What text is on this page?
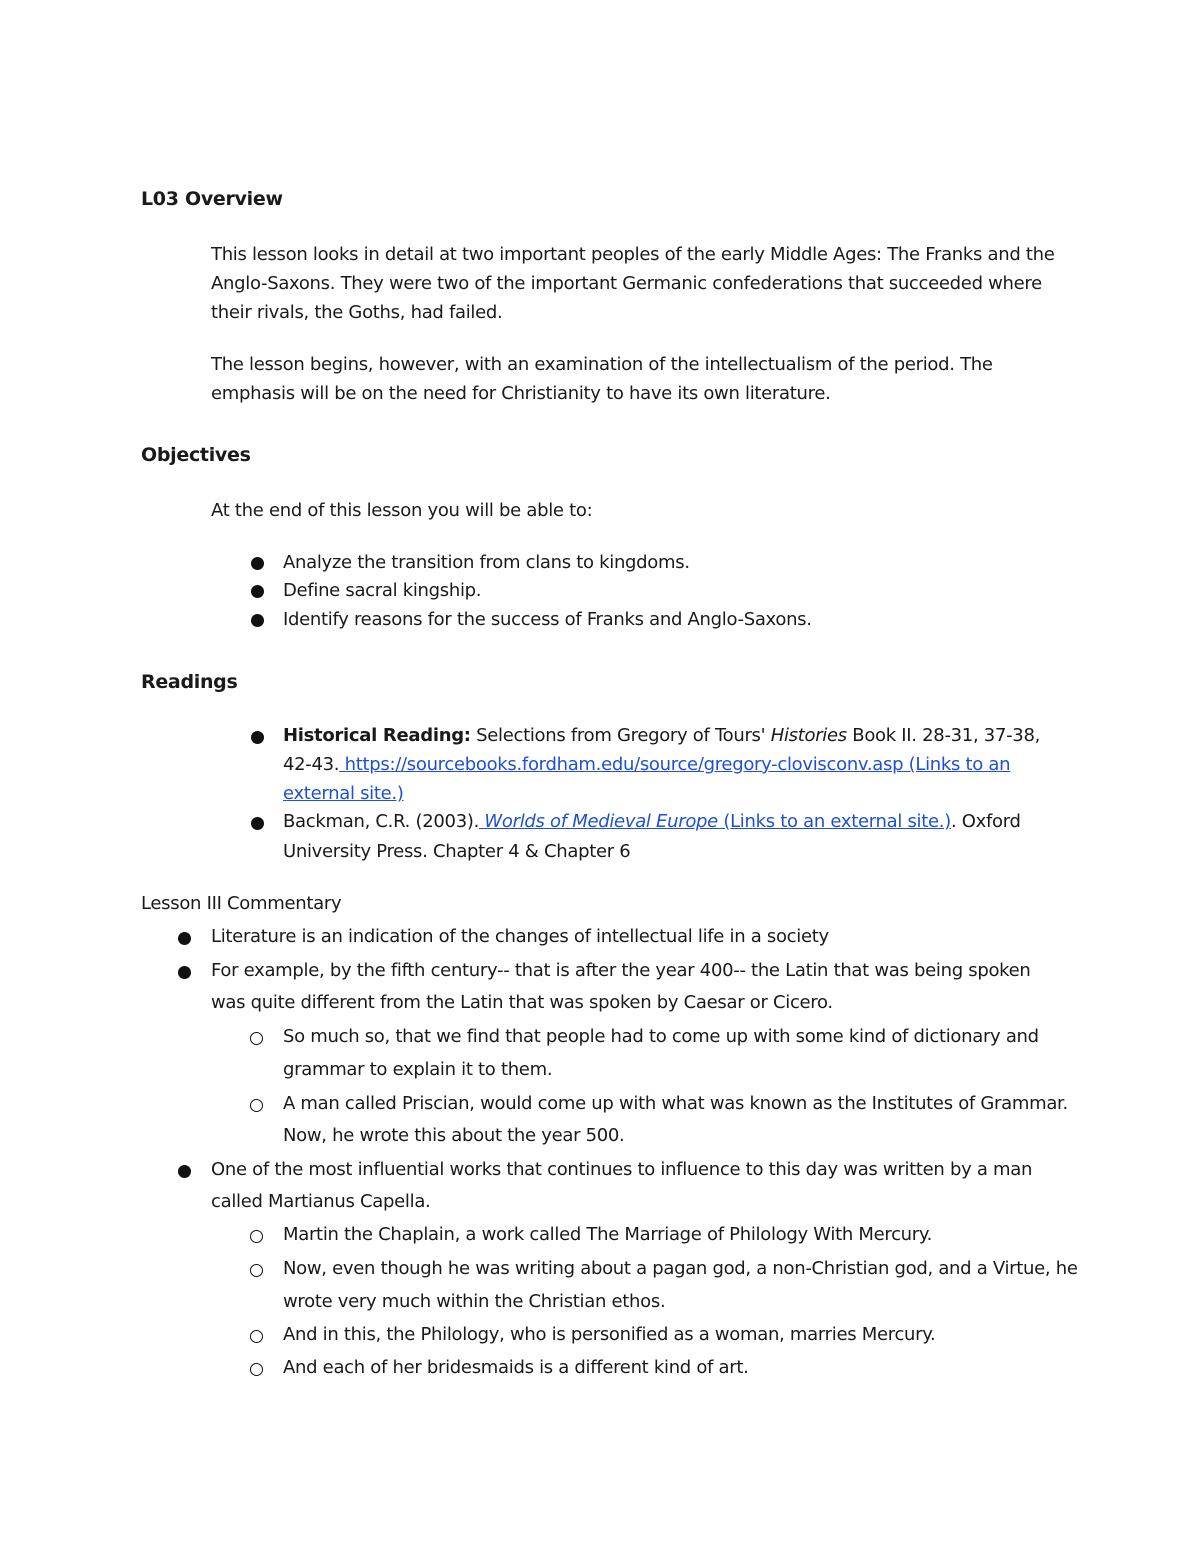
L03 Overview

This lesson looks in detail at two important peoples of the early Middle Ages: The Franks and the Anglo-Saxons. They were two of the important Germanic confederations that succeeded where their rivals, the Goths, had failed.

The lesson begins, however, with an examination of the intellectualism of the period. The emphasis will be on the need for Christianity to have its own literature.

Objectives

At the end of this lesson you will be able to:

Analyze the transition from clans to kingdoms.
Define sacral kingship.
Identify reasons for the success of Franks and Anglo-Saxons.
Readings
Historical Reading: Selections from Gregory of Tours' Histories Book II. 28-31, 37-38,
42-43. https://sourcebooks.fordham.edu/source/gregory-clovisconv.asp (Links to an
external site.)
Backman, C.R. (2003). Worlds of Medieval Europe (Links to an external site.). Oxford
University Press. Chapter 4 & Chapter 6
Lesson III Commentary
Literature is an indication of the changes of intellectual life in a society
For example, by the fifth century-- that is after the year 400-- the Latin that was being spoken
was quite different from the Latin that was spoken by Caesar or Cicero.
So much so, that we find that people had to come up with some kind of dictionary and
grammar to explain it to them.
A man called Priscian, would come up with what was known as the Institutes of Grammar.
Now, he wrote this about the year 500.
One of the most influential works that continues to influence to this day was written by a man
called Martianus Capella.
Martin the Chaplain, a work called The Marriage of Philology With Mercury.
Now, even though he was writing about a pagan god, a non-Christian god, and a Virtue, he
wrote very much within the Christian ethos.
And in this, the Philology, who is personified as a woman, marries Mercury.
And each of her bridesmaids is a different kind of art.
